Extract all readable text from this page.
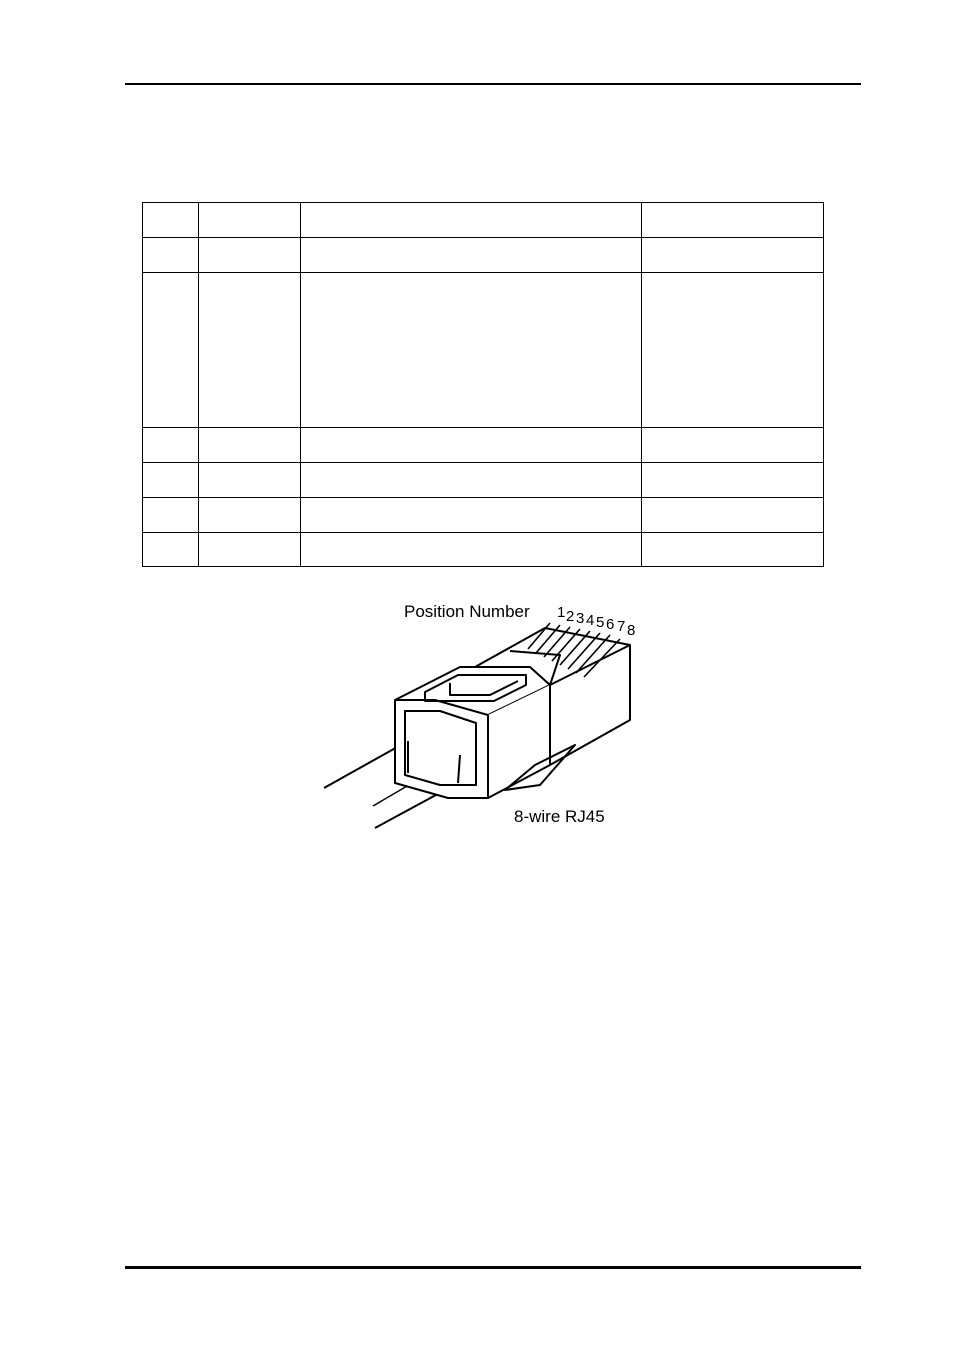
Position Number 1 2 3 4 5 6 7 8
8-wire RJ45
